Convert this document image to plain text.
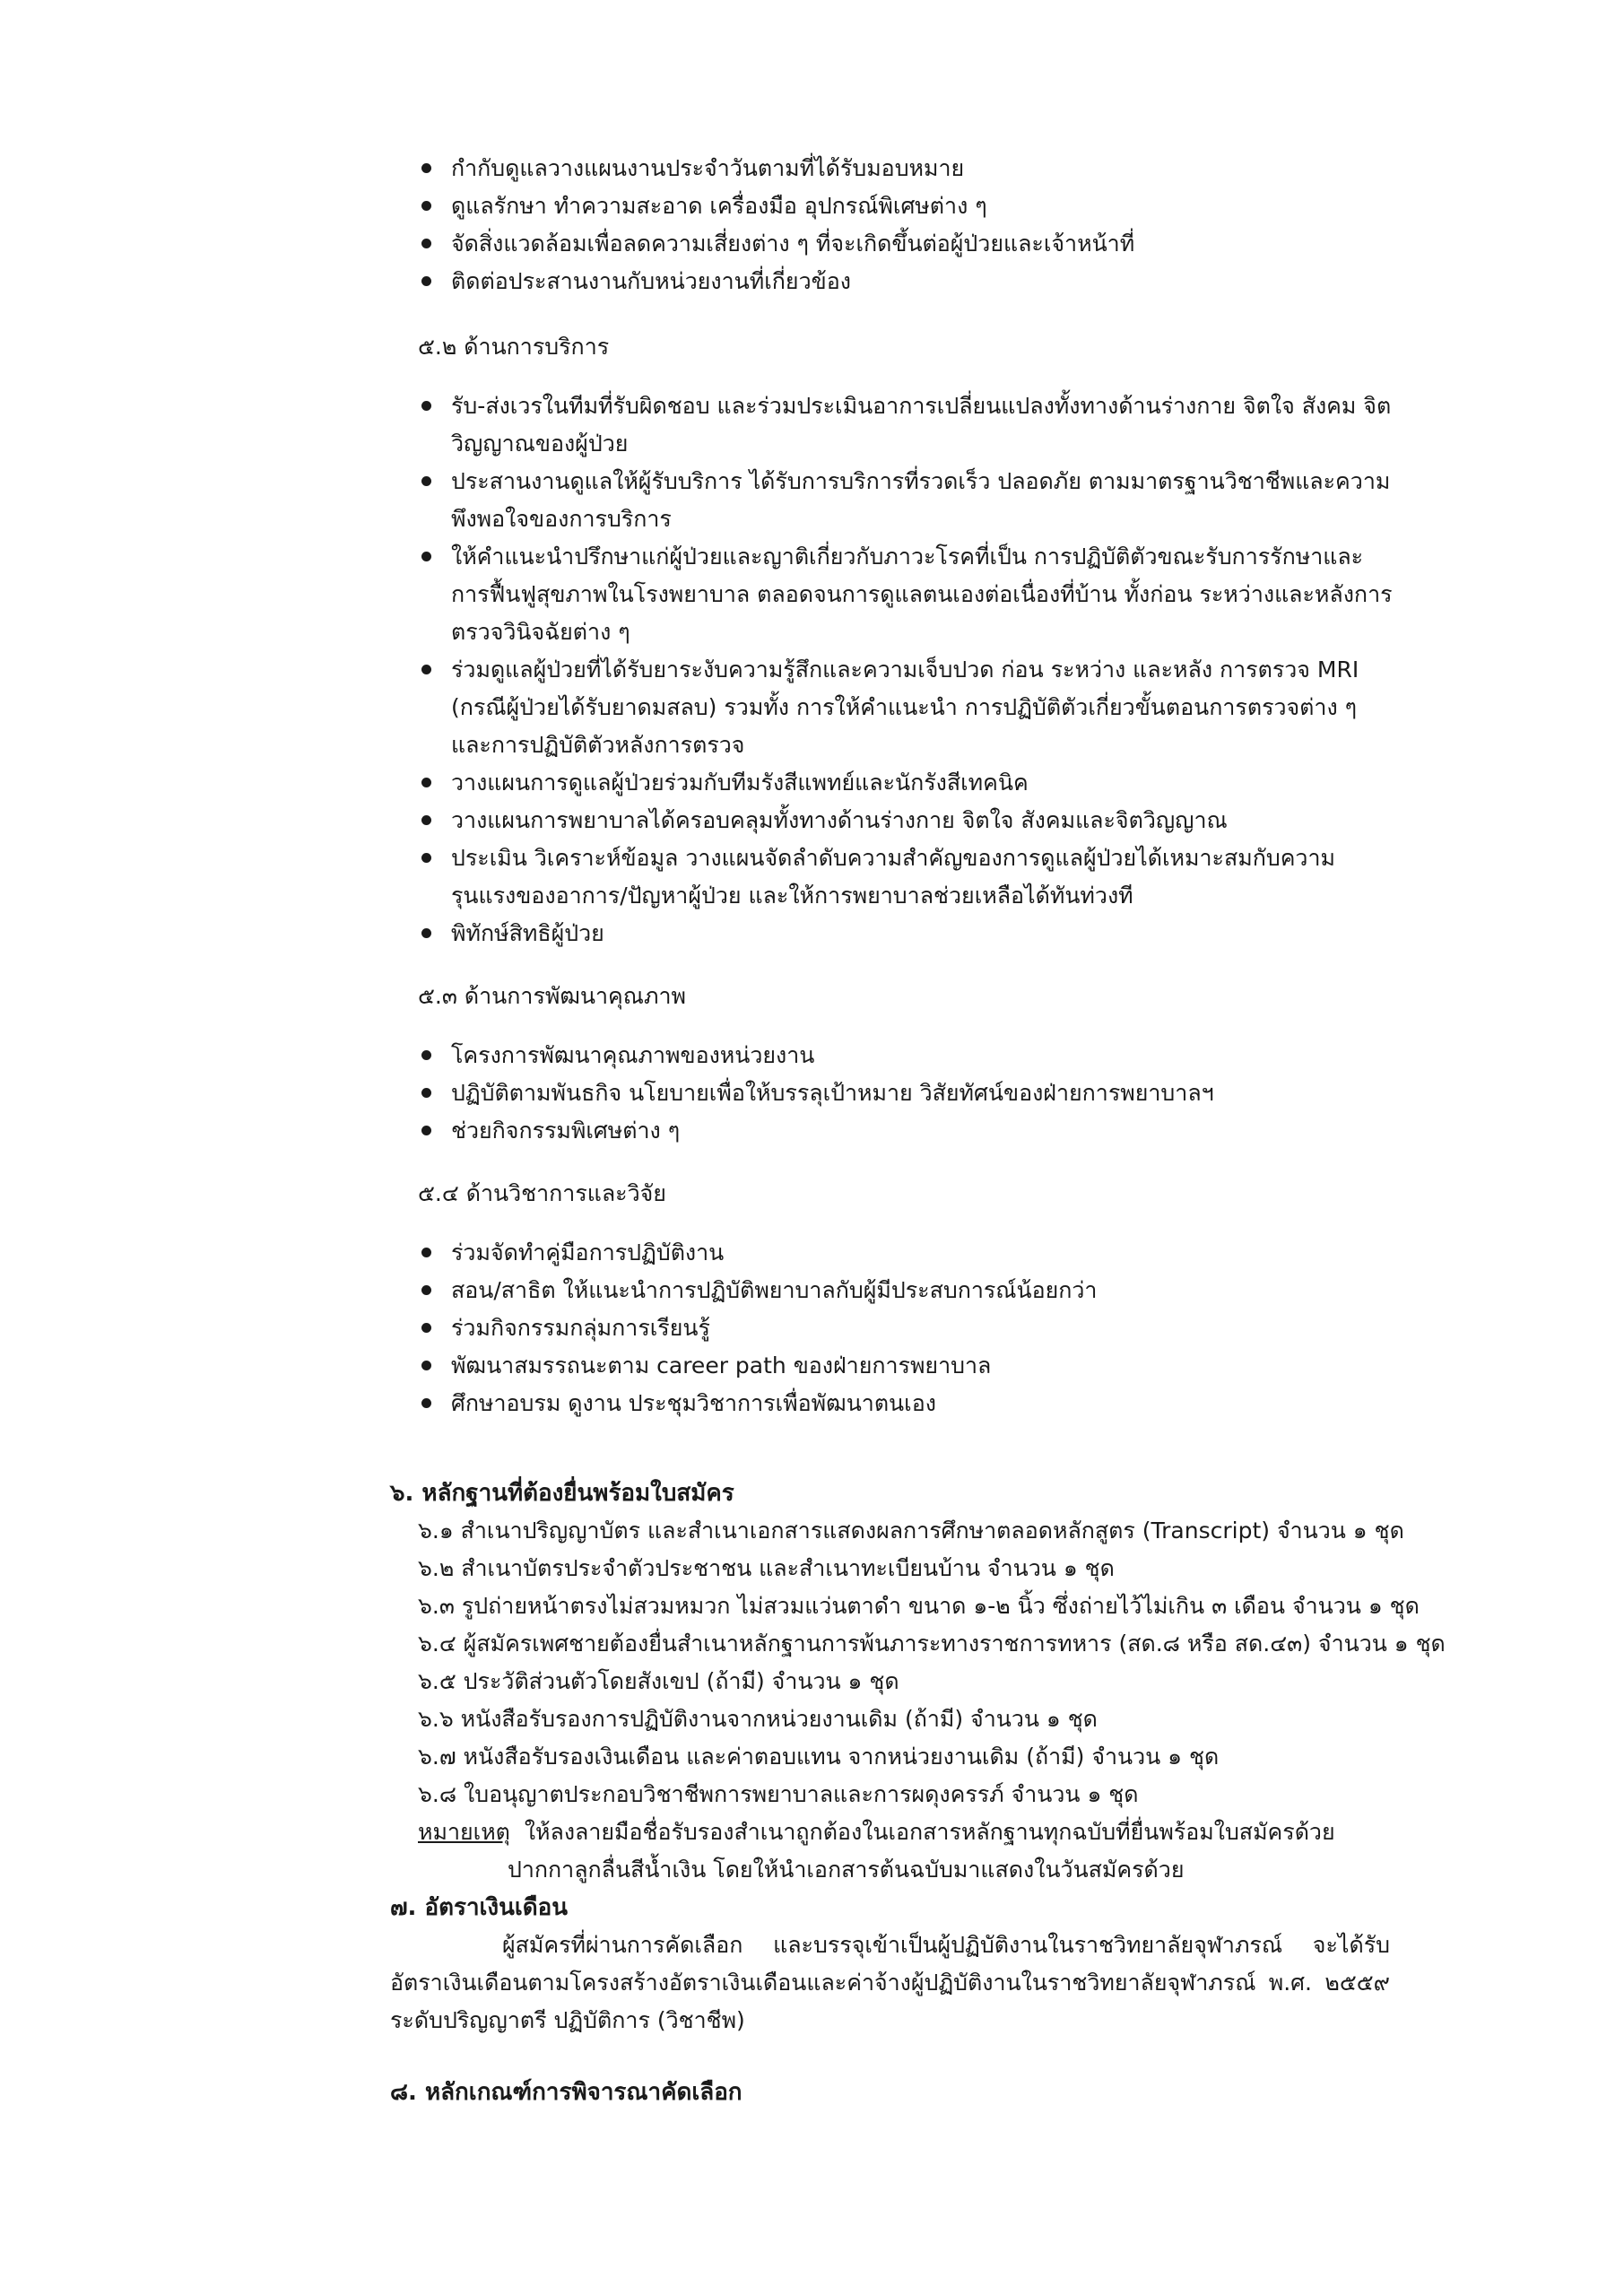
กำกับดูแลวางแผนงานประจำวันตามที่ได้รับมอบหมาย
ดูแลรักษา ทำความสะอาด เครื่องมือ อุปกรณ์พิเศษต่าง ๆ
จัดสิ่งแวดล้อมเพื่อลดความเสี่ยงต่าง ๆ ที่จะเกิดขึ้นต่อผู้ป่วยและเจ้าหน้าที่
ติดต่อประสานงานกับหน่วยงานที่เกี่ยวข้อง

๕.๒ ด้านการบริการ

รับ-ส่งเวรในทีมที่รับผิดชอบ และร่วมประเมินอาการเปลี่ยนแปลงทั้งทางด้านร่างกาย จิตใจ สังคม จิตวิญญาณของผู้ป่วย
ประสานงานดูแลให้ผู้รับบริการ ได้รับการบริการที่รวดเร็ว ปลอดภัย ตามมาตรฐานวิชาชีพและความพึงพอใจของการบริการ
ให้คำแนะนำปรึกษาแก่ผู้ป่วยและญาติเกี่ยวกับภาวะโรคที่เป็น การปฏิบัติตัวขณะรับการรักษาและการฟื้นฟูสุขภาพในโรงพยาบาล ตลอดจนการดูแลตนเองต่อเนื่องที่บ้าน ทั้งก่อน ระหว่างและหลังการตรวจวินิจฉัยต่าง ๆ
ร่วมดูแลผู้ป่วยที่ได้รับยาระงับความรู้สึกและความเจ็บปวด ก่อน ระหว่าง และหลัง การตรวจ MRI (กรณีผู้ป่วยได้รับยาดมสลบ) รวมทั้ง การให้คำแนะนำ การปฏิบัติตัวเกี่ยวขั้นตอนการตรวจต่าง ๆ และการปฏิบัติตัวหลังการตรวจ
วางแผนการดูแลผู้ป่วยร่วมกับทีมรังสีแพทย์และนักรังสีเทคนิค
วางแผนการพยาบาลได้ครอบคลุมทั้งทางด้านร่างกาย จิตใจ สังคมและจิตวิญญาณ
ประเมิน วิเคราะห์ข้อมูล วางแผนจัดลำดับความสำคัญของการดูแลผู้ป่วยได้เหมาะสมกับความรุนแรงของอาการ/ปัญหาผู้ป่วย และให้การพยาบาลช่วยเหลือได้ทันท่วงที
พิทักษ์สิทธิผู้ป่วย

๕.๓ ด้านการพัฒนาคุณภาพ

โครงการพัฒนาคุณภาพของหน่วยงาน
ปฏิบัติตามพันธกิจ นโยบายเพื่อให้บรรลุเป้าหมาย วิสัยทัศน์ของฝ่ายการพยาบาลฯ
ช่วยกิจกรรมพิเศษต่าง ๆ

๕.๔ ด้านวิชาการและวิจัย

ร่วมจัดทำคู่มือการปฏิบัติงาน
สอน/สาธิต ให้แนะนำการปฏิบัติพยาบาลกับผู้มีประสบการณ์น้อยกว่า
ร่วมกิจกรรมกลุ่มการเรียนรู้
พัฒนาสมรรถนะตาม career path ของฝ่ายการพยาบาล
ศึกษาอบรม ดูงาน ประชุมวิชาการเพื่อพัฒนาตนเอง
๖. หลักฐานที่ต้องยื่นพร้อมใบสมัคร

๖.๑ สำเนาปริญญาบัตร และสำเนาเอกสารแสดงผลการศึกษาตลอดหลักสูตร (Transcript) จำนวน ๑ ชุด

๖.๒ สำเนาบัตรประจำตัวประชาชน และสำเนาทะเบียนบ้าน จำนวน ๑ ชุด

๖.๓ รูปถ่ายหน้าตรงไม่สวมหมวก ไม่สวมแว่นตาดำ ขนาด ๑-๒ นิ้ว ซึ่งถ่ายไว้ไม่เกิน ๓ เดือน จำนวน ๑ ชุด

๖.๔ ผู้สมัครเพศชายต้องยื่นสำเนาหลักฐานการพ้นภาระทางราชการทหาร (สด.๘ หรือ สด.๔๓) จำนวน ๑ ชุด

๖.๕ ประวัติส่วนตัวโดยสังเขป (ถ้ามี) จำนวน ๑ ชุด

๖.๖ หนังสือรับรองการปฏิบัติงานจากหน่วยงานเดิม (ถ้ามี) จำนวน ๑ ชุด

๖.๗ หนังสือรับรองเงินเดือน และค่าตอบแทน จากหน่วยงานเดิม (ถ้ามี) จำนวน ๑ ชุด

๖.๘ ใบอนุญาตประกอบวิชาชีพการพยาบาลและการผดุงครรภ์ จำนวน ๑ ชุด

หมายเหตุ ให้ลงลายมือชื่อรับรองสำเนาถูกต้องในเอกสารหลักฐานทุกฉบับที่ยื่นพร้อมใบสมัครด้วย

ปากกาลูกลื่นสีน้ำเงิน โดยให้นำเอกสารต้นฉบับมาแสดงในวันสมัครด้วย

๗. อัตราเงินเดือน

ผู้สมัครที่ผ่านการคัดเลือก และบรรจุเข้าเป็นผู้ปฏิบัติงานในราชวิทยาลัยจุฬาภรณ์ จะได้รับอัตราเงินเดือนตามโครงสร้างอัตราเงินเดือนและค่าจ้างผู้ปฏิบัติงานในราชวิทยาลัยจุฬาภรณ์ พ.ศ. ๒๕๕๙ ระดับปริญญาตรี ปฏิบัติการ (วิชาชีพ)

๘. หลักเกณฑ์การพิจารณาคัดเลือก
